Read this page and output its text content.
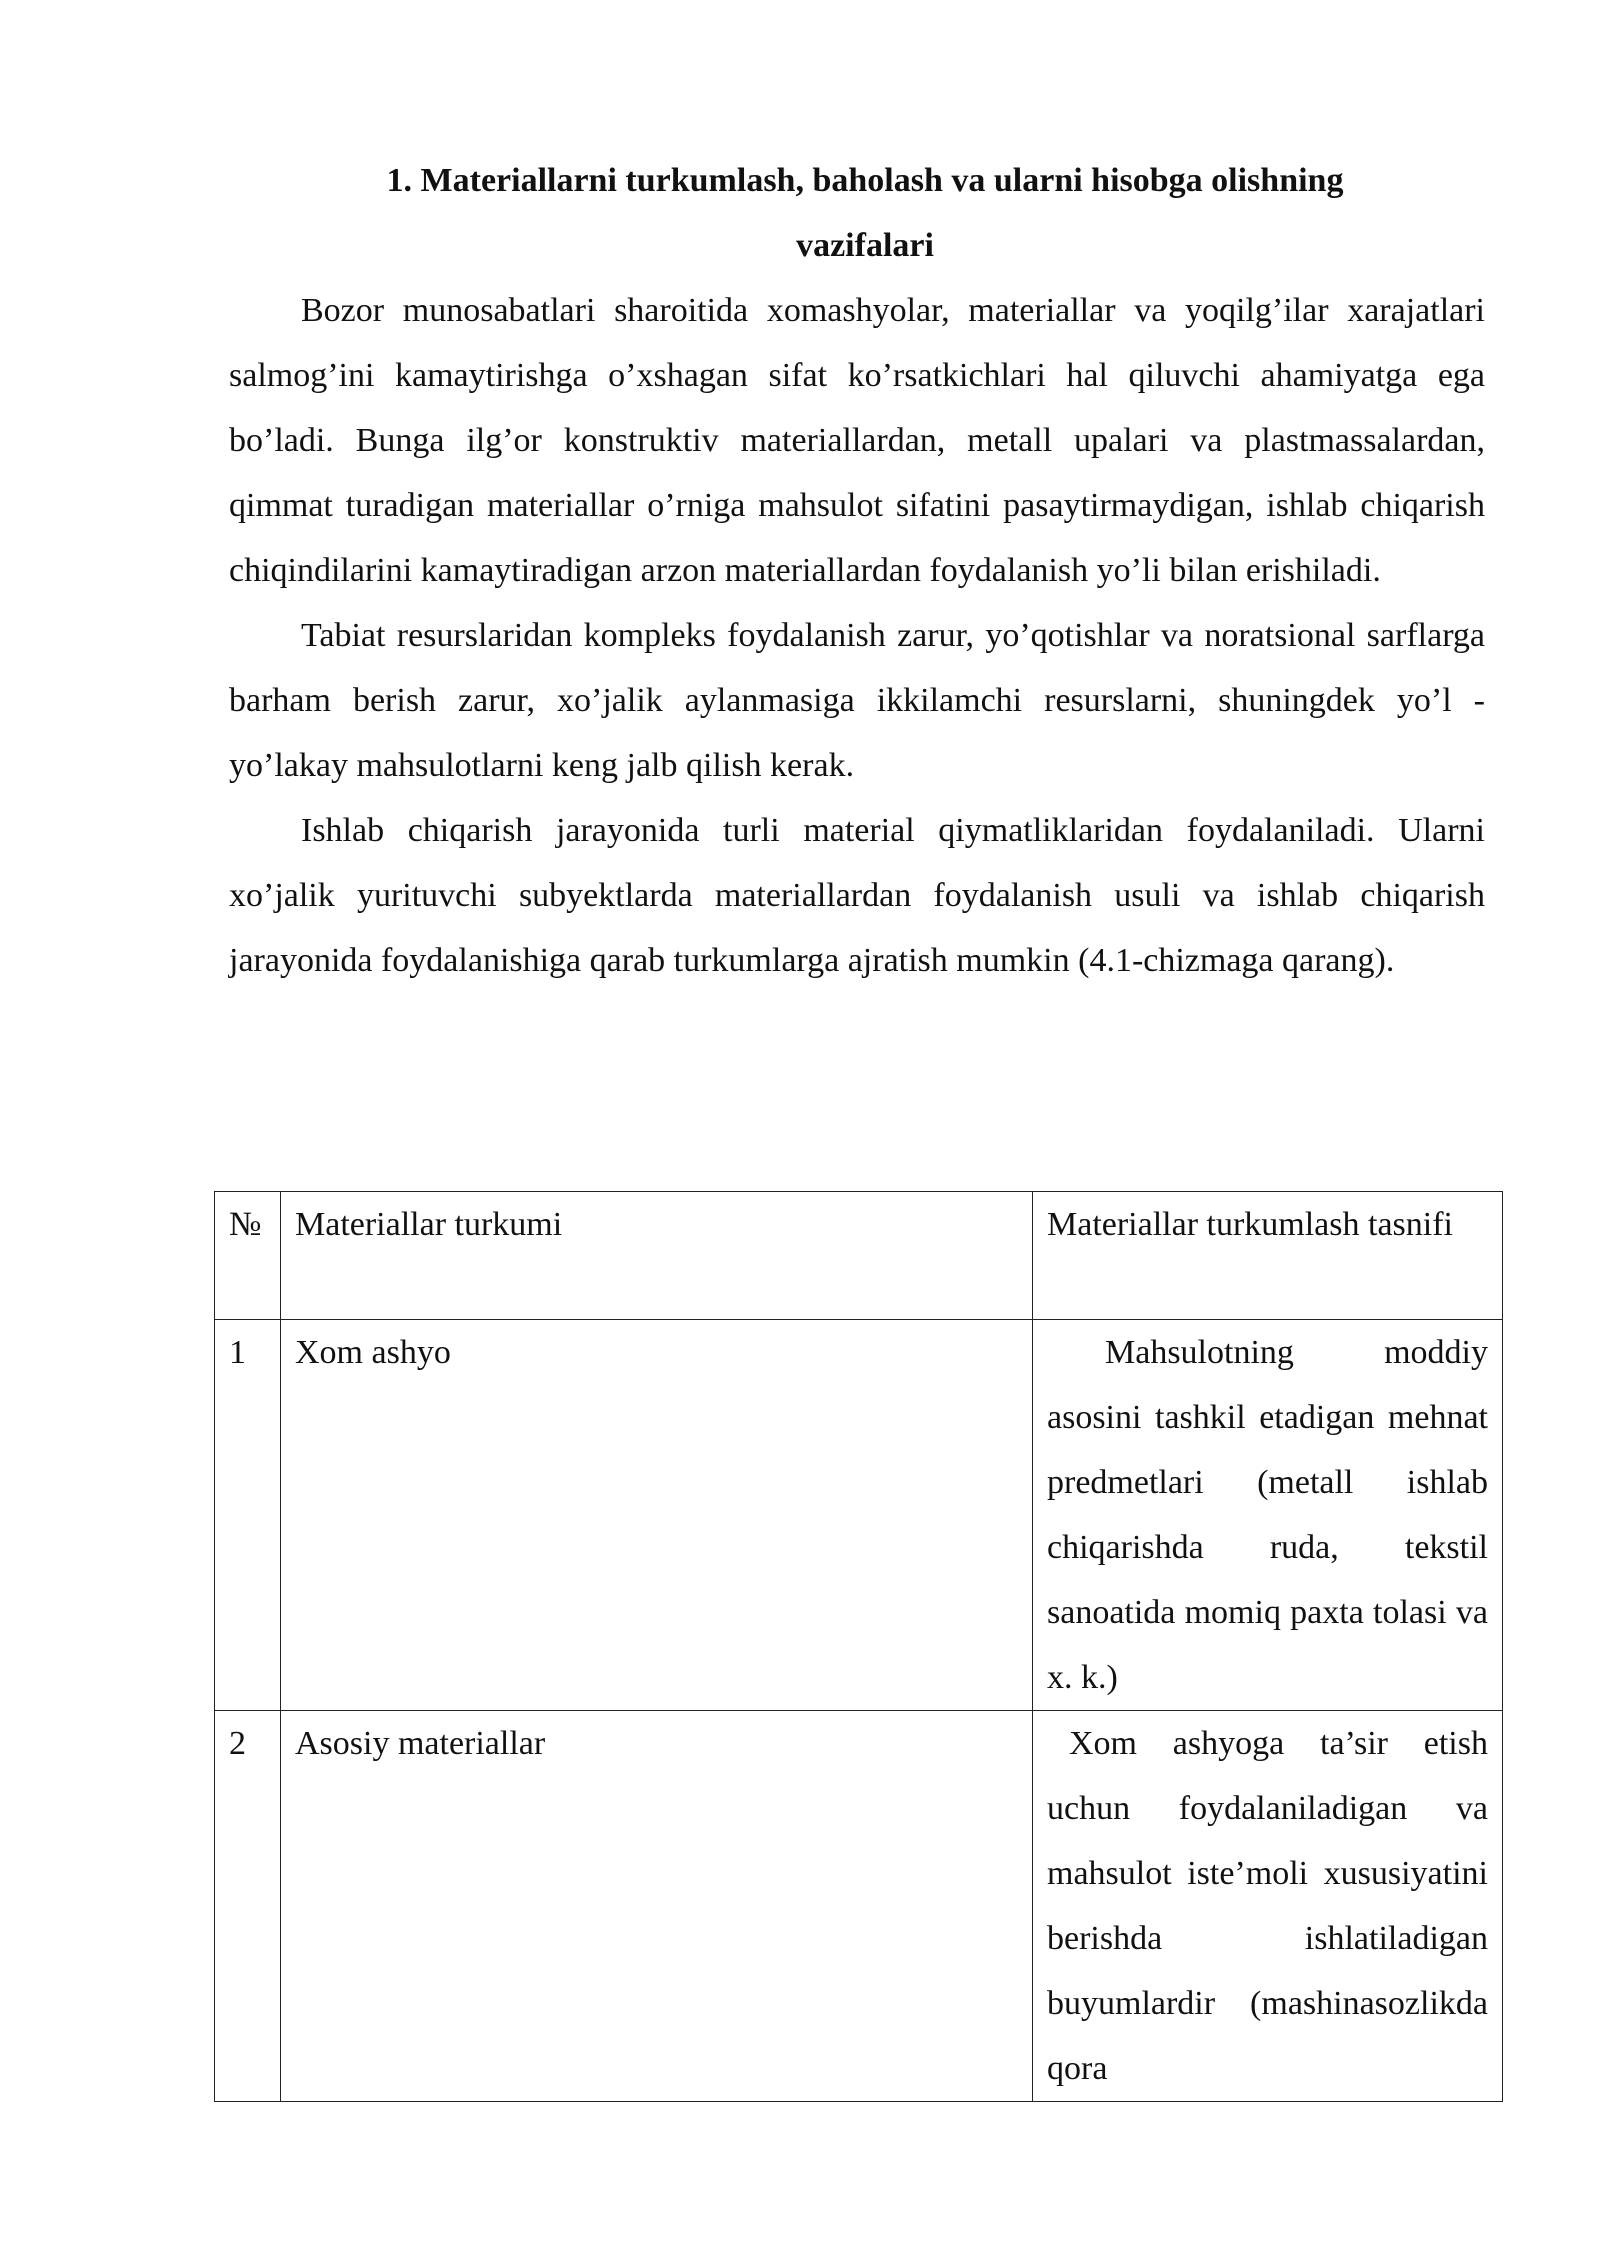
1. Materiallarni turkumlash, baholash va ularni hisobga olishning
vazifalari

Bozor munosabatlari sharoitida xomashyolar, materiallar va yoqilg’ilar xarajatlari salmog’ini kamaytirishga o’xshagan sifat ko’rsatkichlari hal qiluvchi ahamiyatga ega bo’ladi. Bunga ilg’or konstruktiv materiallardan, metall upalari va plastmassalardan, qimmat turadigan materiallar o’rniga mahsulot sifatini pasaytirmaydigan, ishlab chiqarish chiqindilarini kamaytiradigan arzon materiallardan foydalanish yo’li bilan erishiladi.

Tabiat resurslaridan kompleks foydalanish zarur, yo’qotishlar va noratsional sarflarga barham berish zarur, xo’jalik aylanmasiga ikkilamchi resurslarni, shuningdek yo’l - yo’lakay mahsulotlarni keng jalb qilish kerak.

Ishlab chiqarish jarayonida turli material qiymatliklaridan foydalaniladi. Ularni xo’jalik yurituvchi subyektlarda materiallardan foydalanish usuli va ishlab chiqarish jarayonida foydalanishiga qarab turkumlarga ajratish mumkin (4.1-chizmaga qarang).

№	Materiallar turkumi	Materiallar turkumlash tasnifi
1	Xom ashyo	Mahsulotning moddiy asosini tashkil etadigan mehnat predmetlari (metall ishlab chiqarishda ruda, tekstil sanoatida momiq paxta tolasi va x. k.)
2	Asosiy materiallar	Xom ashyoga ta’sir etish uchun foydalaniladigan va mahsulot iste’moli xususiyatini berishda ishlatiladigan buyumlardir (mashinasozlikda qora
